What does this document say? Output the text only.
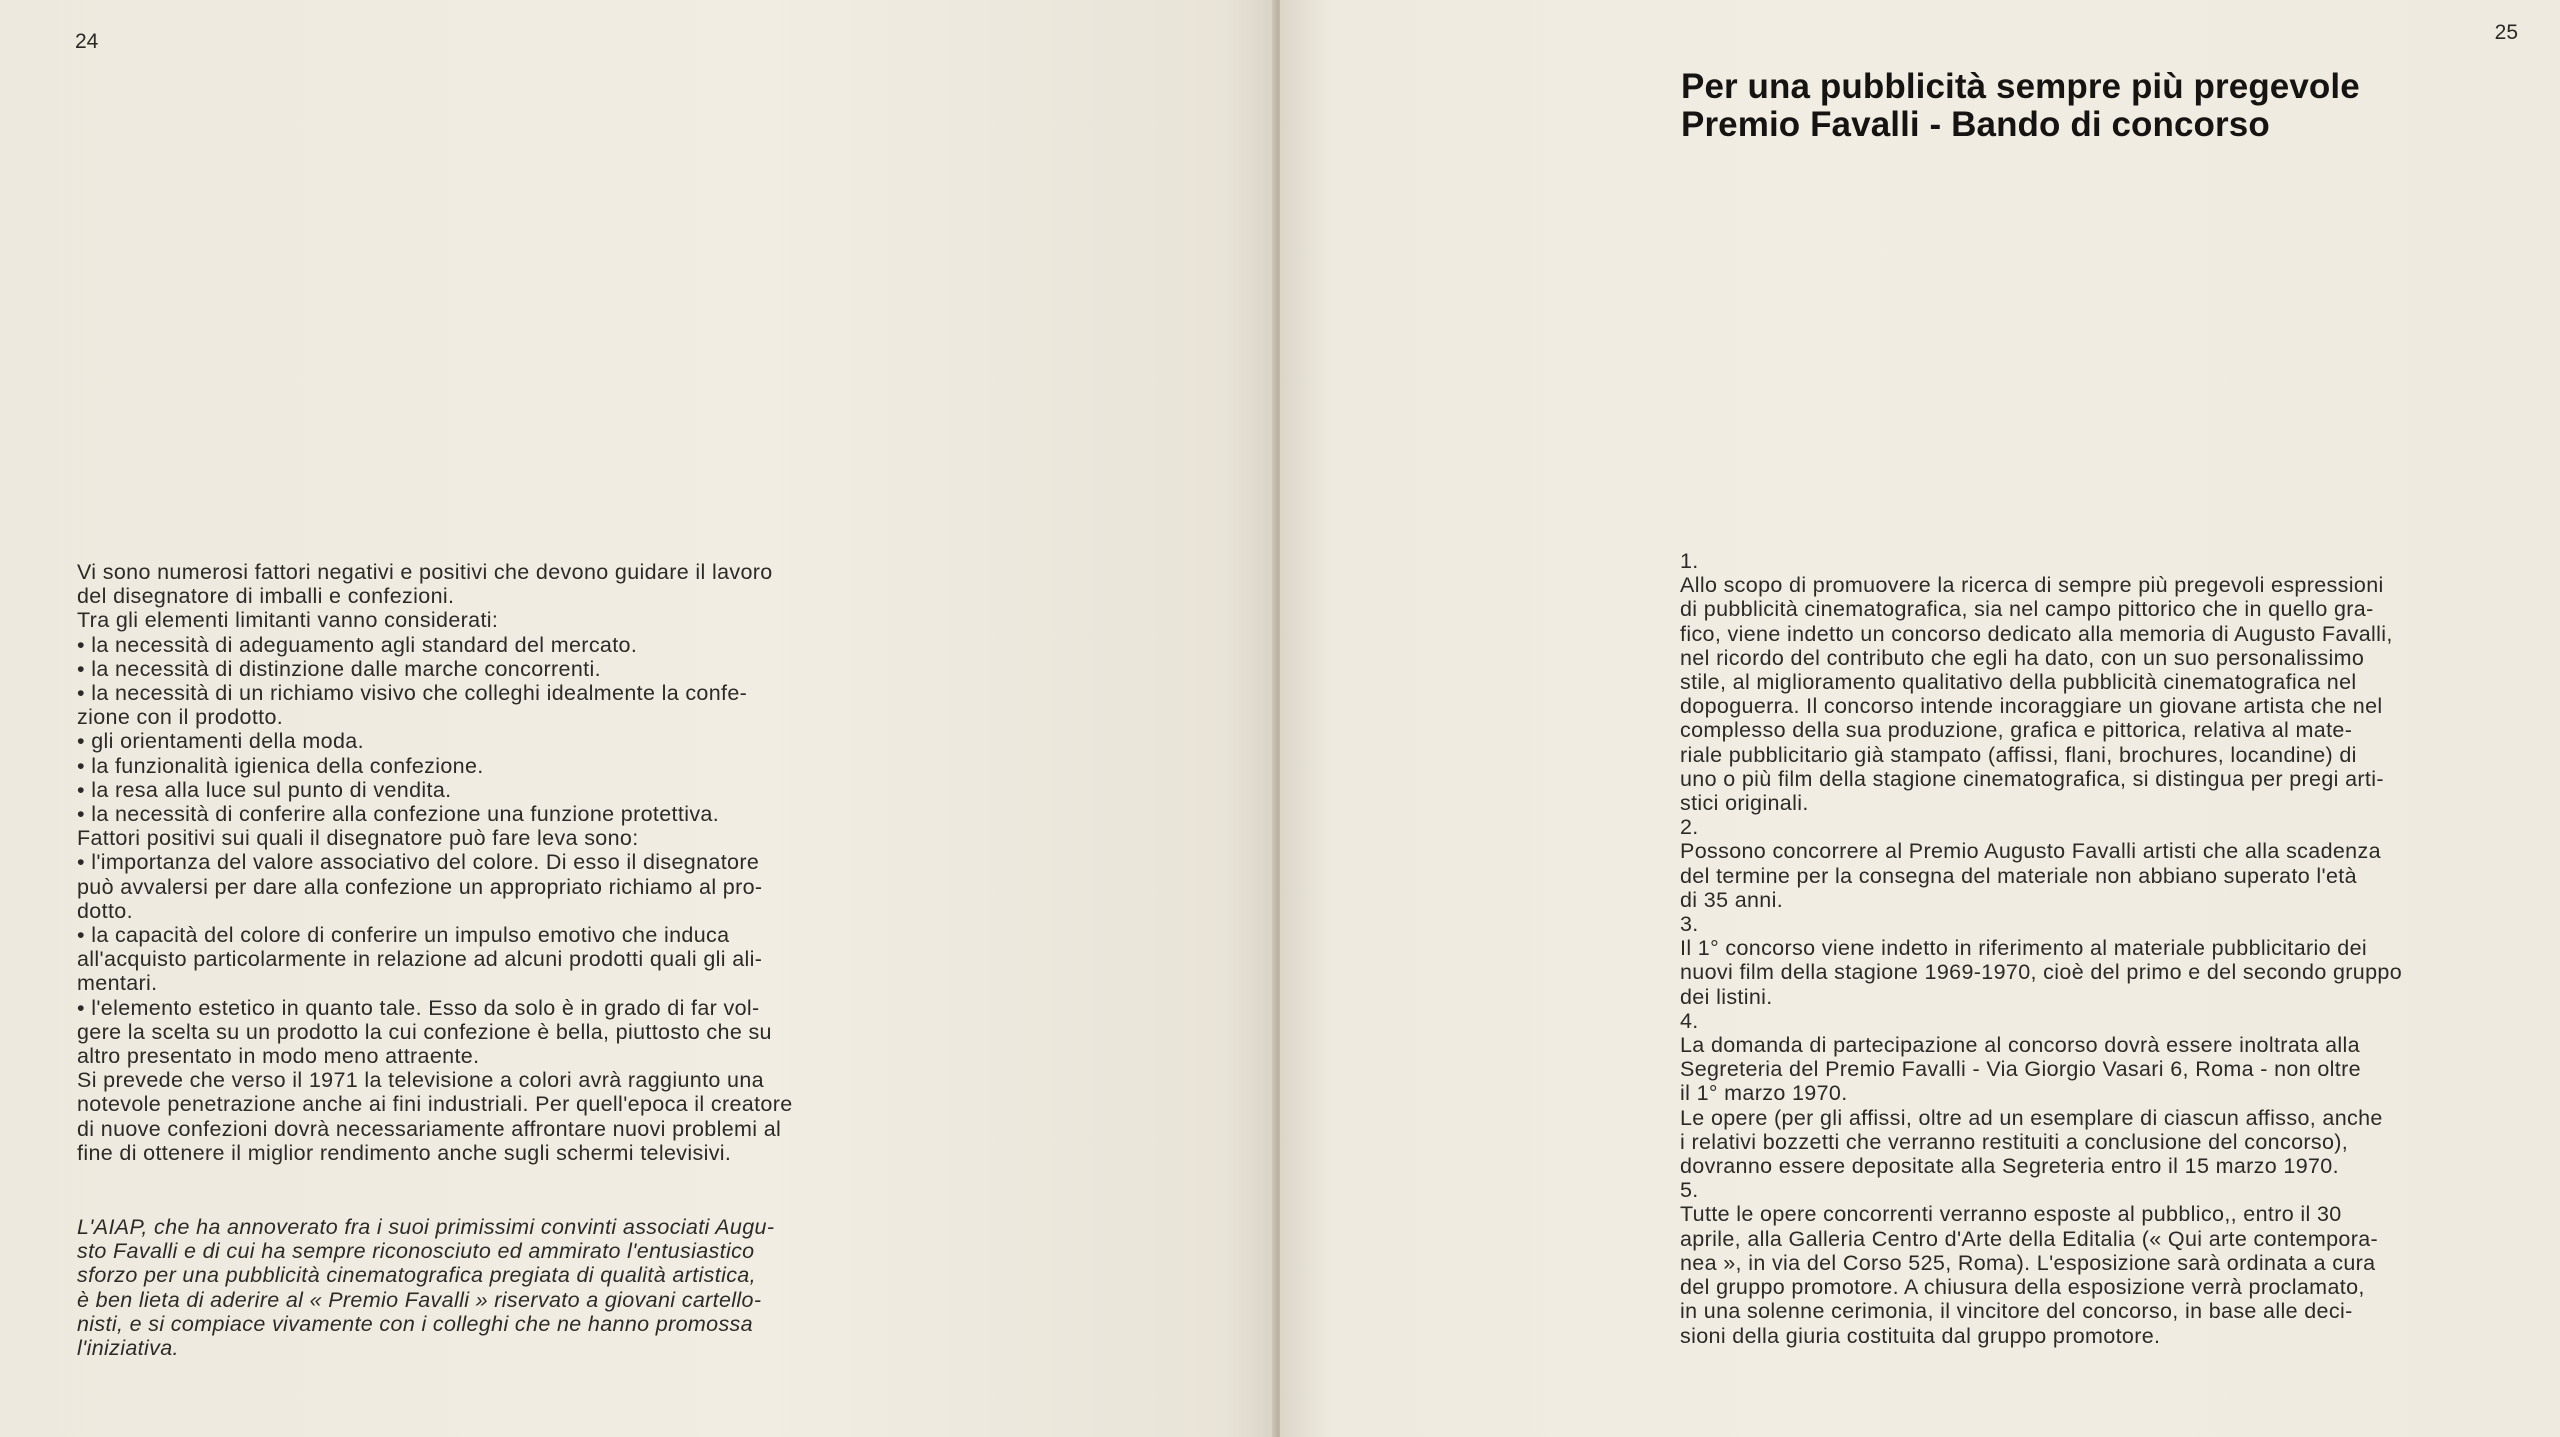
24

Vi sono numerosi fattori negativi e positivi che devono guidare il lavoro

del disegnatore di imballi e confezioni.

Tra gli elementi limitanti vanno considerati:

• la necessità di adeguamento agli standard del mercato.

• la necessità di distinzione dalle marche concorrenti.

• la necessità di un richiamo visivo che colleghi idealmente la confe-

zione con il prodotto.

• gli orientamenti della moda.

• la funzionalità igienica della confezione.

• la resa alla luce sul punto di vendita.

• la necessità di conferire alla confezione una funzione protettiva.

Fattori positivi sui quali il disegnatore può fare leva sono:

• l'importanza del valore associativo del colore. Di esso il disegnatore

può avvalersi per dare alla confezione un appropriato richiamo al pro-

dotto.

• la capacità del colore di conferire un impulso emotivo che induca

all'acquisto particolarmente in relazione ad alcuni prodotti quali gli ali-

mentari.

• l'elemento estetico in quanto tale. Esso da solo è in grado di far vol-

gere la scelta su un prodotto la cui confezione è bella, piuttosto che su

altro presentato in modo meno attraente.

Si prevede che verso il 1971 la televisione a colori avrà raggiunto una

notevole penetrazione anche ai fini industriali. Per quell'epoca il creatore

di nuove confezioni dovrà necessariamente affrontare nuovi problemi al

fine di ottenere il miglior rendimento anche sugli schermi televisivi.

L'AIAP, che ha annoverato fra i suoi primissimi convinti associati Augu-

sto Favalli e di cui ha sempre riconosciuto ed ammirato l'entusiastico

sforzo per una pubblicità cinematografica pregiata di qualità artistica,

è ben lieta di aderire al « Premio Favalli » riservato a giovani cartello-

nisti, e si compiace vivamente con i colleghi che ne hanno promossa

l'iniziativa.

25

Per una pubblicità sempre più pregevole

Premio Favalli - Bando di concorso

1.

Allo scopo di promuovere la ricerca di sempre più pregevoli espressioni

di pubblicità cinematografica, sia nel campo pittorico che in quello gra-

fico, viene indetto un concorso dedicato alla memoria di Augusto Favalli,

nel ricordo del contributo che egli ha dato, con un suo personalissimo

stile, al miglioramento qualitativo della pubblicità cinematografica nel

dopoguerra. Il concorso intende incoraggiare un giovane artista che nel

complesso della sua produzione, grafica e pittorica, relativa al mate-

riale pubblicitario già stampato (affissi, flani, brochures, locandine) di

uno o più film della stagione cinematografica, si distingua per pregi arti-

stici originali.

2.

Possono concorrere al Premio Augusto Favalli artisti che alla scadenza

del termine per la consegna del materiale non abbiano superato l'età

di 35 anni.

3.

Il 1° concorso viene indetto in riferimento al materiale pubblicitario dei

nuovi film della stagione 1969-1970, cioè del primo e del secondo gruppo

dei listini.

4.

La domanda di partecipazione al concorso dovrà essere inoltrata alla

Segreteria del Premio Favalli - Via Giorgio Vasari 6, Roma - non oltre

il 1° marzo 1970.

Le opere (per gli affissi, oltre ad un esemplare di ciascun affisso, anche

i relativi bozzetti che verranno restituiti a conclusione del concorso),

dovranno essere depositate alla Segreteria entro il 15 marzo 1970.

5.

Tutte le opere concorrenti verranno esposte al pubblico,, entro il 30

aprile, alla Galleria Centro d'Arte della Editalia (« Qui arte contempora-

nea », in via del Corso 525, Roma). L'esposizione sarà ordinata a cura

del gruppo promotore. A chiusura della esposizione verrà proclamato,

in una solenne cerimonia, il vincitore del concorso, in base alle deci-

sioni della giuria costituita dal gruppo promotore.
